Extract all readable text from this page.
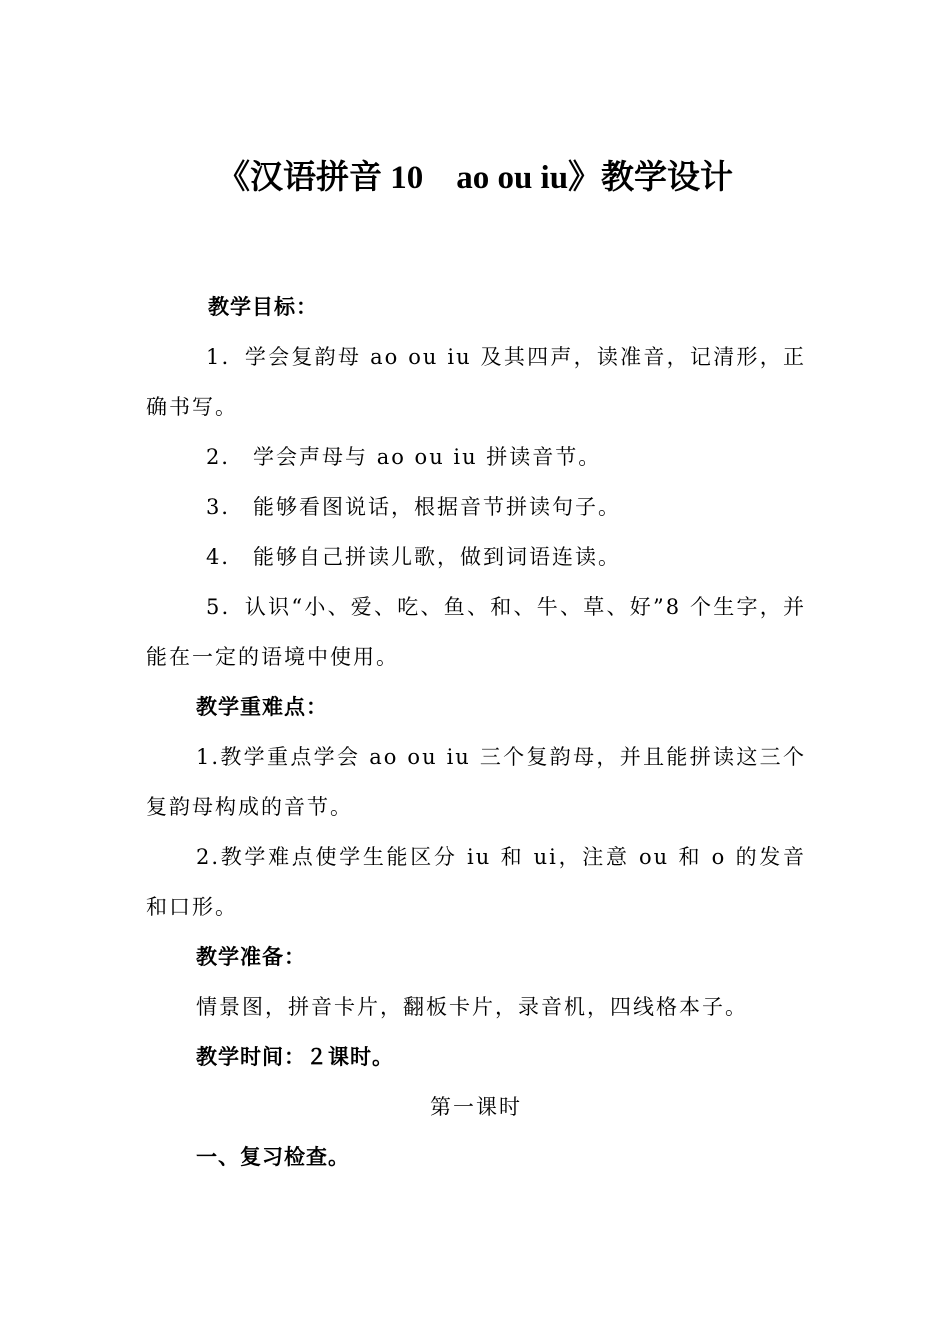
《汉语拼音 10　ao ou iu》教学设计

教学目标：

1．学会复韵母 ao ou iu 及其四声，读准音，记清形，正确书写。

2． 学会声母与 ao ou iu 拼读音节。

3． 能够看图说话，根据音节拼读句子。

4． 能够自己拼读儿歌，做到词语连读。

5．认识“小、爱、吃、鱼、和、牛、草、好”8 个生字，并能在一定的语境中使用。

教学重难点：

1.教学重点学会 ao ou iu 三个复韵母，并且能拼读这三个复韵母构成的音节。

2.教学难点使学生能区分 iu 和 ui，注意 ou 和 o 的发音和口形。

教学准备：

情景图，拼音卡片，翻板卡片，录音机，四线格本子。

教学时间：２课时。

第一课时

一、复习检查。
